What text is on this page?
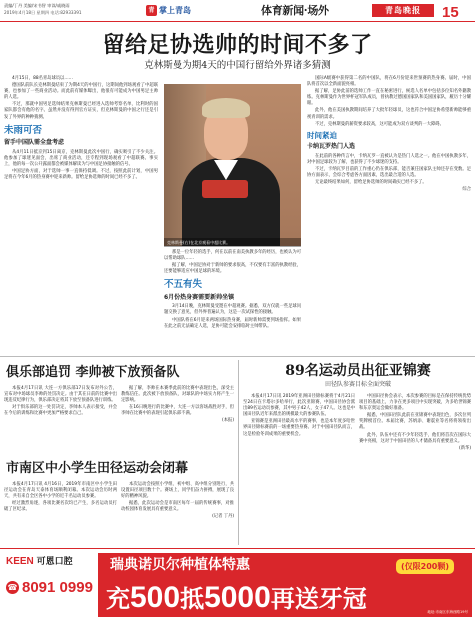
责编/丁丹 美编/宋书智 审读/戚晓雨
2019年4月18日 星期四 电话:82933391	青 掌上青岛	体育新闻·场外	青岛晚报	15
留给足协选帅的时间不多了
克林斯曼为期4天的中国行留给外界诸多猜测

4月15日，88名青岛球员以……

德国队前队长克林斯曼结束了为期4天的中国行，这期间他到场观看了中超联赛，也参加了一些商业活动。而此前有媒体曝出，他很有可能成为中国男足主帅的人选。

不过，那就中国男足选帅结果克林斯曼已经进入选帅考察名单，比利时的国家队都会有他的名字。虽然并没有得到官方证实，但克林斯曼的中国之行还是引发了外界的种种猜测。

未雨可否
留手中国队需全盘考虑

从4月11日抵京到15日离京，克林斯曼此次中国行，确实吸引了不少关注。他参加了球迷见面会，出席了商业活动，还专程到现场观看了中超联赛。事实上，他的每一次公开露面都会被媒体解读为与中国足协接触的信号。

中国足协方面，对于选帅一事一直保持低调。不过，按照此前计划，中国男足将在今年6月的热身赛中迎来新帅。留给足协选帅的时间已经不多了。

克林斯曼(右)在北京观看中超比赛。

那是一位年轻的选手，何在以前在南美执教多年的经历，也被认为可以帮助球队……

据了解，中国足协对于新帅的要求很高，不仅要有丰富的执教经验，还要能够适应中国足球的环境。

不五有失
6月份热身赛需要新帅坐镇

3月14日晚，克林斯曼受邀在中超观赛。据悉，双方仅就一些足球问题交换了意见，但外界普遍认为，这是一次试探性的接触。

中国队将在6月迎来两场国际热身赛，届时新帅需要到场指挥。如果在此之前无法确定人选，足协可能会安排临时主帅带队。

国际A级赛中获得第二名的中国队，将在6月份迎来世预赛的热身赛。届时，中国队将首次以全新面貌亮相。

据了解，足协此前的选帅工作一直在秘密进行，候选人名单中包括多位知名外籍教练。克林斯曼作为世界杯冠军队成员，曾执教过德国国家队和美国国家队，履历十分耀眼。

此外，他在美国执教期间培养了大批年轻球员，这也符合中国足协希望新帅能够重视青训的需求。

不过，克林斯曼的薪资要求较高，这可能成为双方谈判的一大障碍。

时间紧迫
卡纳瓦罗热门人选

在此前的各种传言中，卡纳瓦罗一直被认为是热门人选之一。他在中国执教多年，对中国足球较为了解，也获得了不少球迷的支持。

不过，卡纳瓦罗目前的工作重心仍在俱乐部，能否兼任国家队主帅还存在变数。足协方面表示，会综合考虑各方面因素，选出最合适的人选。

无论最终结果如何，留给足协选帅的时间确实已经不多了。

综合

俱乐部追罚 李帅被下放预备队

本报4月17日讯 大连一方俱乐部17日发布对外公告，宣布对中场球员李帅的处罚决定。由于其在日前的比赛中出现违反纪律行为，俱乐部决定将其下放至预备队进行训练。

对于俱乐部的这一处罚决定，李帅本人表示接受，并会在今后的训练和比赛中更加严格要求自己。

据了解，李帅在本赛季此前的比赛中表现出色，深受主教练信任。此次被下放预备队，对球队的中场实力将产生一定影响。

在16日晚进行的比赛中，大连一方以客场战胜对手，但李帅在比赛中的表现引起俱乐部不满。

(本报)

市南区中小学生田径运动会闭幕

本报4月17日讯 4月16日，2019年市南区中小学生田径运动会在青岛天泰体育场顺利闭幕。本次运动会历时两天，共有来自全区各中小学的近千名运动员参赛。

经过激烈角逐，各项比赛名次均已产生，多名运动员打破了区纪录。

本次运动会按照小学组、初中组、高中组分别进行，共设置田径项目数十个。赛场上，同学们奋力拼搏，展现了良好的精神风貌。

据悉，此次运动会是市南区每年一届的传统赛事，对推动校园体育发展具有重要意义。

(记者 丁丹)

89名运动员出征亚锦赛
田径队参赛目标全面突破

本报4月17日讯 2019年亚洲田径锦标赛将于4月21日至24日在卡塔尔多哈举行，此次亚锦赛，中国田径协会派出89名运动员参赛，其中男子42人、女子47人。这也是中国田径队近年来派出的规模最大的参赛队伍。

亚锦赛是亚洲田径最高水平的赛事，也是本年度多哈世界田径锦标赛前的一场重要热身赛。对于中国田径队而言，这是检验冬训成果的重要机会。

中国田径协会表示，本次参赛的目标是在保持传统优势项目的基础上，力争在更多项目中实现突破，为多哈世锦赛和东京奥运会做好准备。

据悉，中国田径队此前在亚锦赛中表现出色，多次位列奖牌榜首位。本届比赛，苏炳添、谢震业等名将将领衔出战。

此外，队伍中还有不少年轻选手，他们将首次在国际大赛中亮相，这对于中国田径的人才储备具有重要意义。

(新华)

KEEN 可恩口腔
☎ 8091 0999
瑞典诺贝尔种植体特惠	(仅限200颗)
充500抵5000再送牙冠	地址:市南区东海西路19号
